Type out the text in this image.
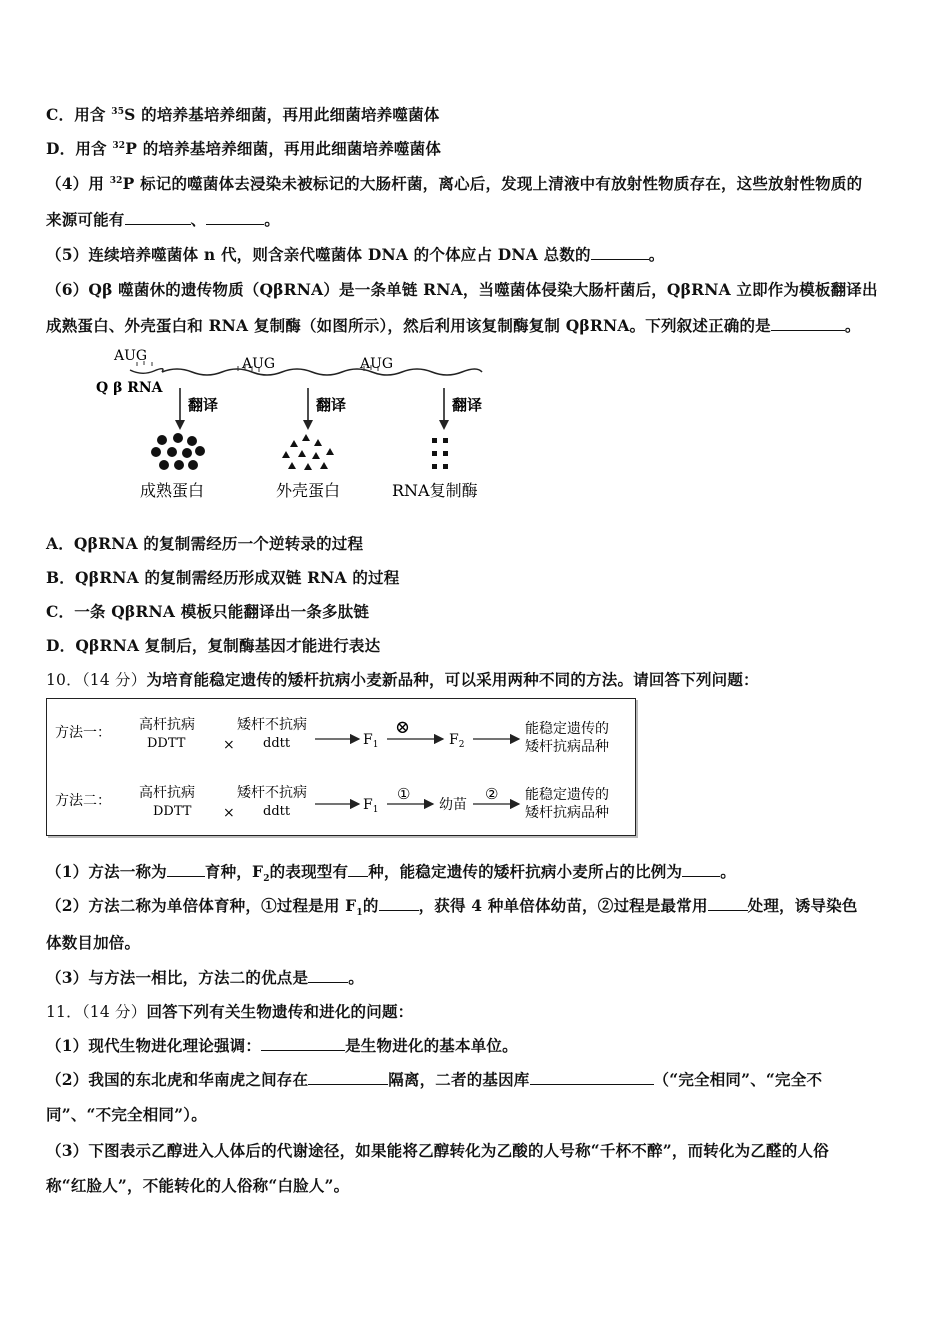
C．用含 $^{35}$S 的培养基培养细菌，再用此细菌培养噬菌体
D．用含 $^{32}$P 的培养基培养细菌，再用此细菌培养噬菌体
（4）用 $^{32}$P 标记的噬菌体去浸染未被标记的大肠杆菌，离心后，发现上清液中有放射性物质存在，这些放射性物质的
来源可能有	、	。
（5）连续培养噬菌体 n 代，则含亲代噬菌体 DNA 的个体应占 DNA 总数的	。
（6）Qβ 噬菌休的遗传物质（QβRNA）是一条单链 RNA，当噬菌体侵染大肠杆菌后，QβRNA 立即作为模板翻译出
成熟蛋白、外壳蛋白和 RNA 复制酶（如图所示），然后利用该复制酶复制 QβRNA。下列叙述正确的是	。
AUG	AUG	AUG
Q β RNA
翻译	翻译	翻译
成熟蛋白	外壳蛋白	RNA复制酶
A．QβRNA 的复制需经历一个逆转录的过程
B．QβRNA 的复制需经历形成双链 RNA 的过程
C．一条 QβRNA 模板只能翻译出一条多肽链
D．QβRNA 复制后，复制酶基因才能进行表达
10．（14 分）为培育能稳定遗传的矮杆抗病小麦新品种，可以采用两种不同的方法。请回答下列问题：
方法一： 高杆抗病
DDTT	×
矮杆不抗病
ddtt	$F_1$
⊗
$F_2$
能稳定遗传的
矮杆抗病品种
方法二： 高杆抗病
DDTT ×
矮杆不抗病
ddtt	$F_1$
①
幼苗
② 能稳定遗传的
矮杆抗病品种
（1）方法一称为 育种，$F_2$的表现型有 种，能稳定遗传的矮杆抗病小麦所占的比例为 。
（2）方法二称为单倍体育种，①过程是用 $F_1$的	，获得 4 种单倍体幼苗，②过程是最常用	处理，诱导染色
体数目加倍。
（3）与方法一相比，方法二的优点是	。
11．（14 分）回答下列有关生物遗传和进化的问题：
（1）现代生物进化理论强调：	是生物进化的基本单位。
（2）我国的东北虎和华南虎之间存在	隔离，二者的基因库	（“完全相同”、“完全不
同”、“不完全相同”）。
（3）下图表示乙醇进入人体后的代谢途径，如果能将乙醇转化为乙酸的人号称“千杯不醉”，而转化为乙醛的人俗
称“红脸人”，不能转化的人俗称“白脸人”。
